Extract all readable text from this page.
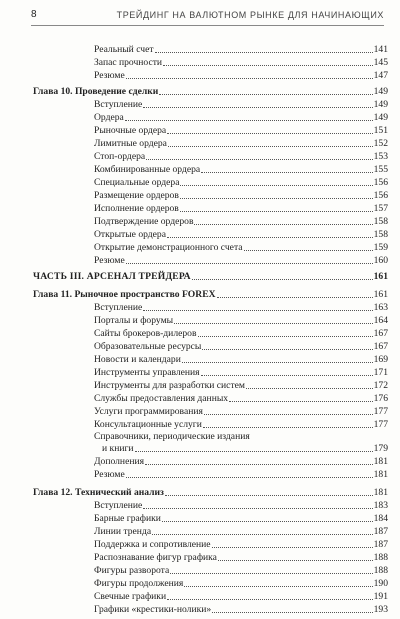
8	ТРЕЙДИНГ НА ВАЛЮТНОМ РЫНКЕ ДЛЯ НАЧИНАЮЩИХ
Реальный счет	141
Запас прочности	145
Резюме	147
Глава 10. Проведение сделки	149
Вступление	149
Ордера	149
Рыночные ордера	151
Лимитные ордера	152
Стоп-ордера	153
Комбинированные ордера	155
Специальные ордера	156
Размещение ордеров	156
Исполнение ордеров	157
Подтверждение ордеров	158
Открытые ордера	158
Открытие демонстрационного счета	159
Резюме	160
ЧАСТЬ III. АРСЕНАЛ ТРЕЙДЕРА	161
Глава 11. Рыночное пространство FOREX	161
Вступление	163
Порталы и форумы	164
Сайты брокеров-дилеров	167
Образовательные ресурсы	167
Новости и календари	169
Инструменты управления	171
Инструменты для разработки систем	172
Службы предоставления данных	176
Услуги программирования	177
Консультационные услуги	177
Справочники, периодические издания
и книги	179
Дополнения	181
Резюме	181
Глава 12. Технический анализ	181
Вступление	183
Барные графики	184
Линии тренда	187
Поддержка и сопротивление	187
Распознавание фигур графика	188
Фигуры разворота	188
Фигуры продолжения	190
Свечные графики	191
Графики «крестики-нолики»	193
